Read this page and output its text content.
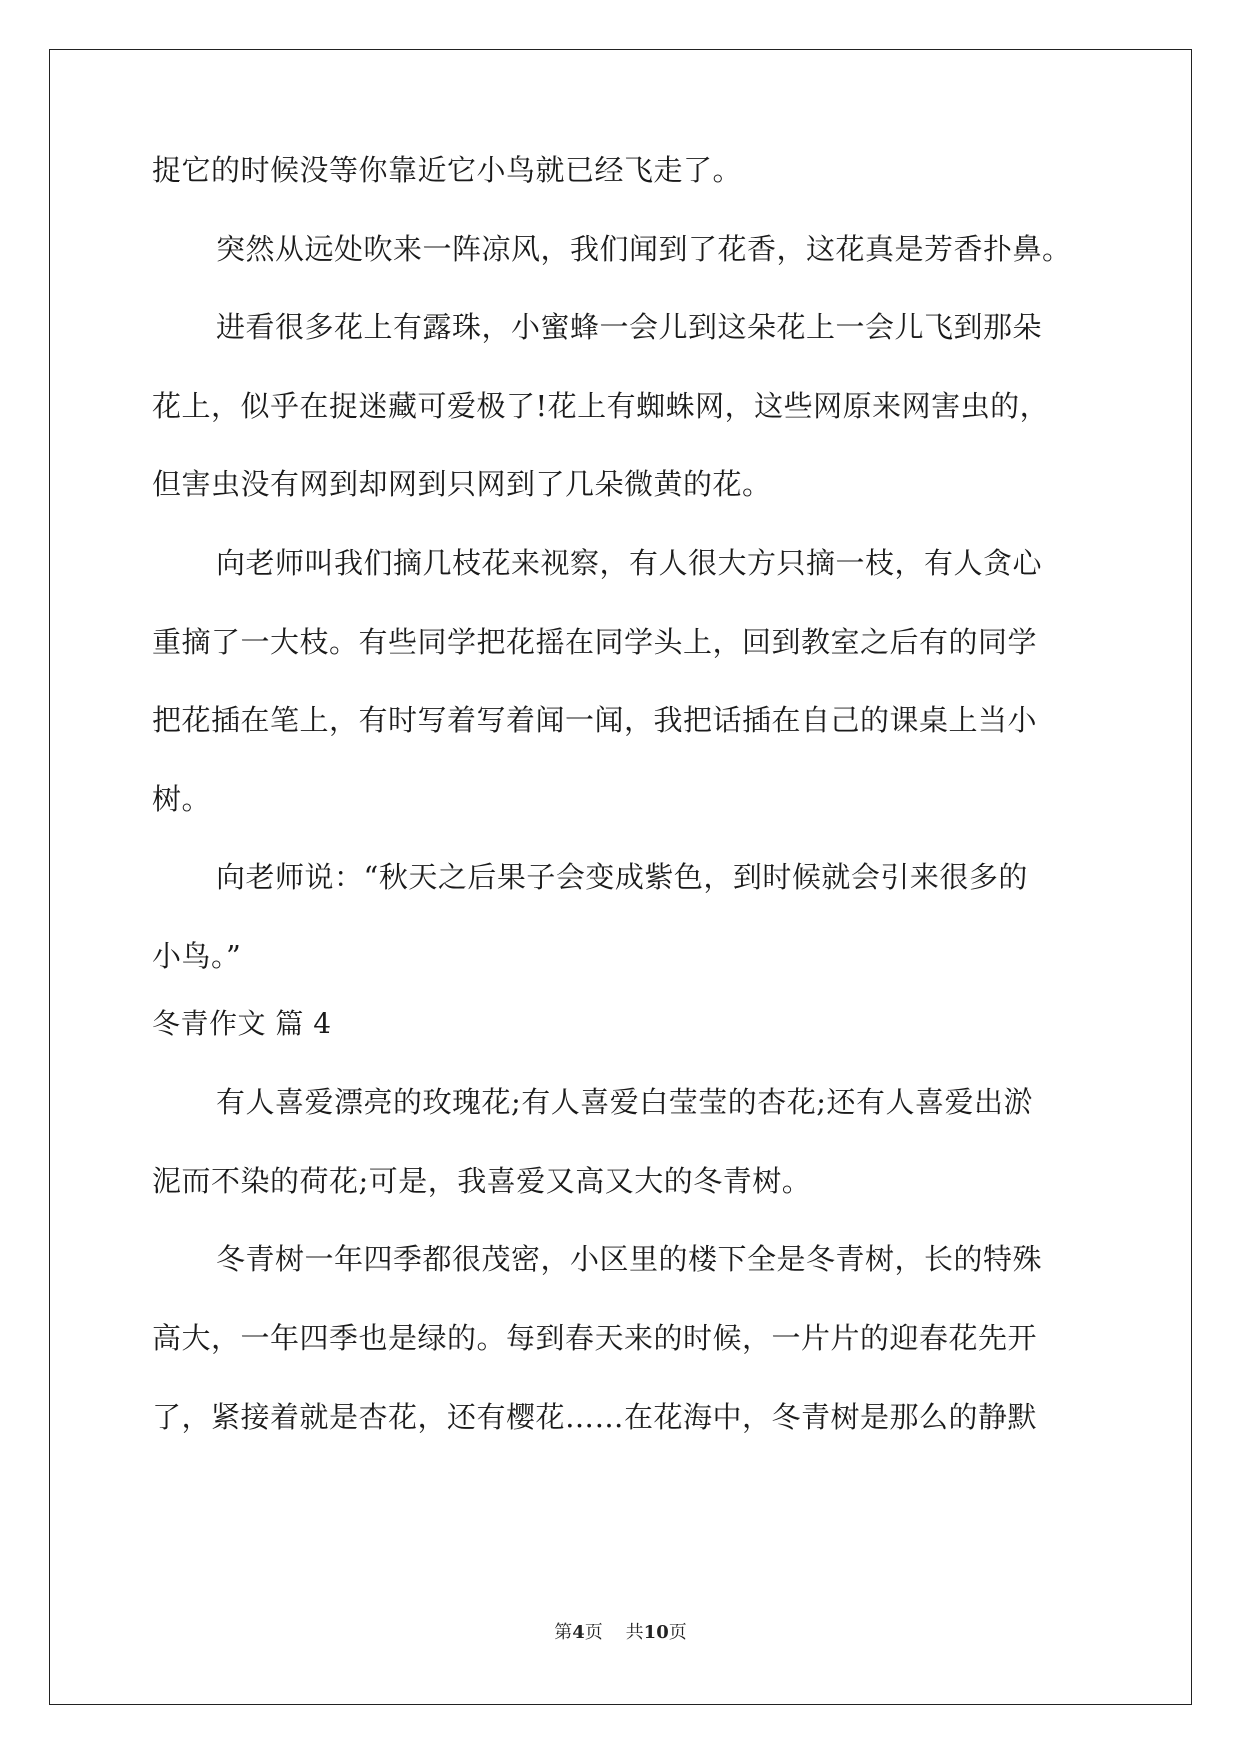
捉它的时候没等你靠近它小鸟就已经飞走了。
突然从远处吹来一阵凉风，我们闻到了花香，这花真是芳香扑鼻。
进看很多花上有露珠，小蜜蜂一会儿到这朵花上一会儿飞到那朵
花上，似乎在捉迷藏可爱极了!花上有蜘蛛网，这些网原来网害虫的，
但害虫没有网到却网到只网到了几朵微黄的花。
向老师叫我们摘几枝花来视察，有人很大方只摘一枝，有人贪心
重摘了一大枝。有些同学把花摇在同学头上，回到教室之后有的同学
把花插在笔上，有时写着写着闻一闻，我把话插在自己的课桌上当小
树。
向老师说：“秋天之后果子会变成紫色，到时候就会引来很多的
小鸟。”
冬青作文 篇 4
有人喜爱漂亮的玫瑰花;有人喜爱白莹莹的杏花;还有人喜爱出淤
泥而不染的荷花;可是，我喜爱又高又大的冬青树。
冬青树一年四季都很茂密，小区里的楼下全是冬青树，长的特殊
高大，一年四季也是绿的。每到春天来的时候，一片片的迎春花先开
了，紧接着就是杏花，还有樱花……在花海中，冬青树是那么的静默
第4页    共10页
